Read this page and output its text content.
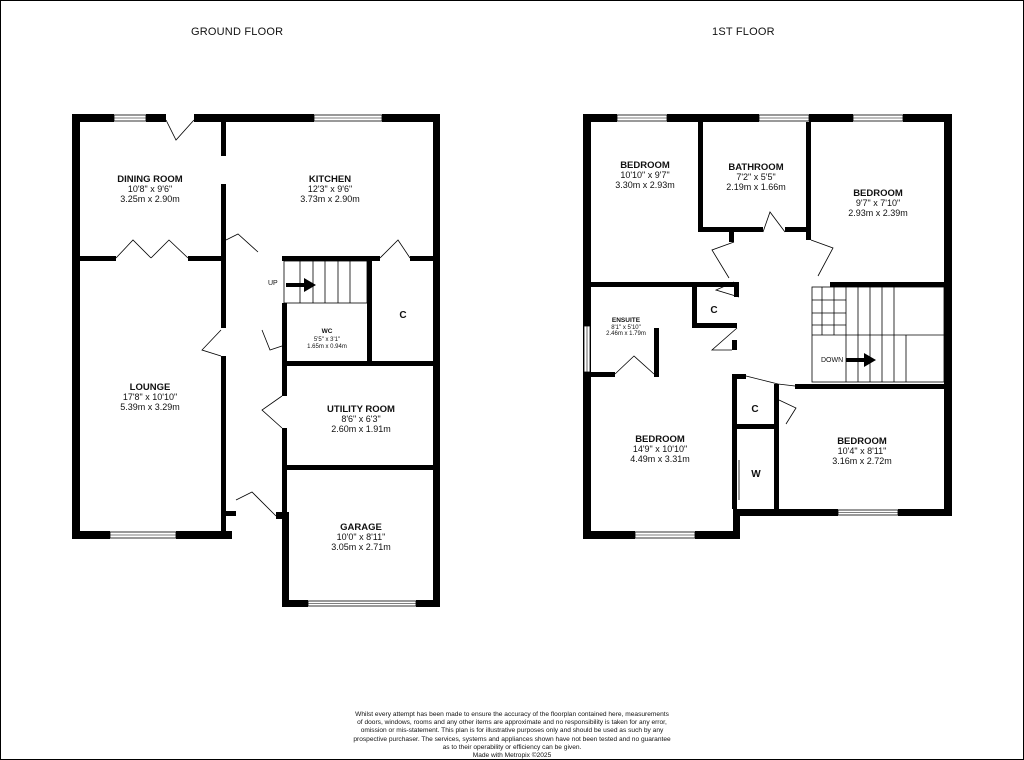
GROUND FLOOR	1ST FLOOR
DINING ROOM
10'8" x 9'6"
3.25m x 2.90m
KITCHEN
12'3" x 9'6"
3.73m x 2.90m
LOUNGE
17'8" x 10'10"
5.39m x 3.29m
WC
5'5" x 3'1"
1.65m x 0.94m
C
UP
UTILITY ROOM
8'6" x 6'3"
2.60m x 1.91m
GARAGE
10'0" x 8'11"
3.05m x 2.71m
BEDROOM
10'10" x 9'7"
3.30m x 2.93m
BATHROOM
7'2" x 5'5"
2.19m x 1.66m
BEDROOM
9'7" x 7'10"
2.93m x 2.39m
ENSUITE
8'1" x 5'10"
2.46m x 1.79m
C
C
W
DOWN
BEDROOM
14'9" x 10'10"
4.49m x 3.31m
BEDROOM
10'4" x 8'11"
3.16m x 2.72m
Whilst every attempt has been made to ensure the accuracy of the floorplan contained here, measurements
of doors, windows, rooms and any other items are approximate and no responsibility is taken for any error,
omission or mis-statement. This plan is for illustrative purposes only and should be used as such by any
prospective purchaser. The services, systems and appliances shown have not been tested and no guarantee
as to their operability or efficiency can be given.
Made with Metropix ©2025
